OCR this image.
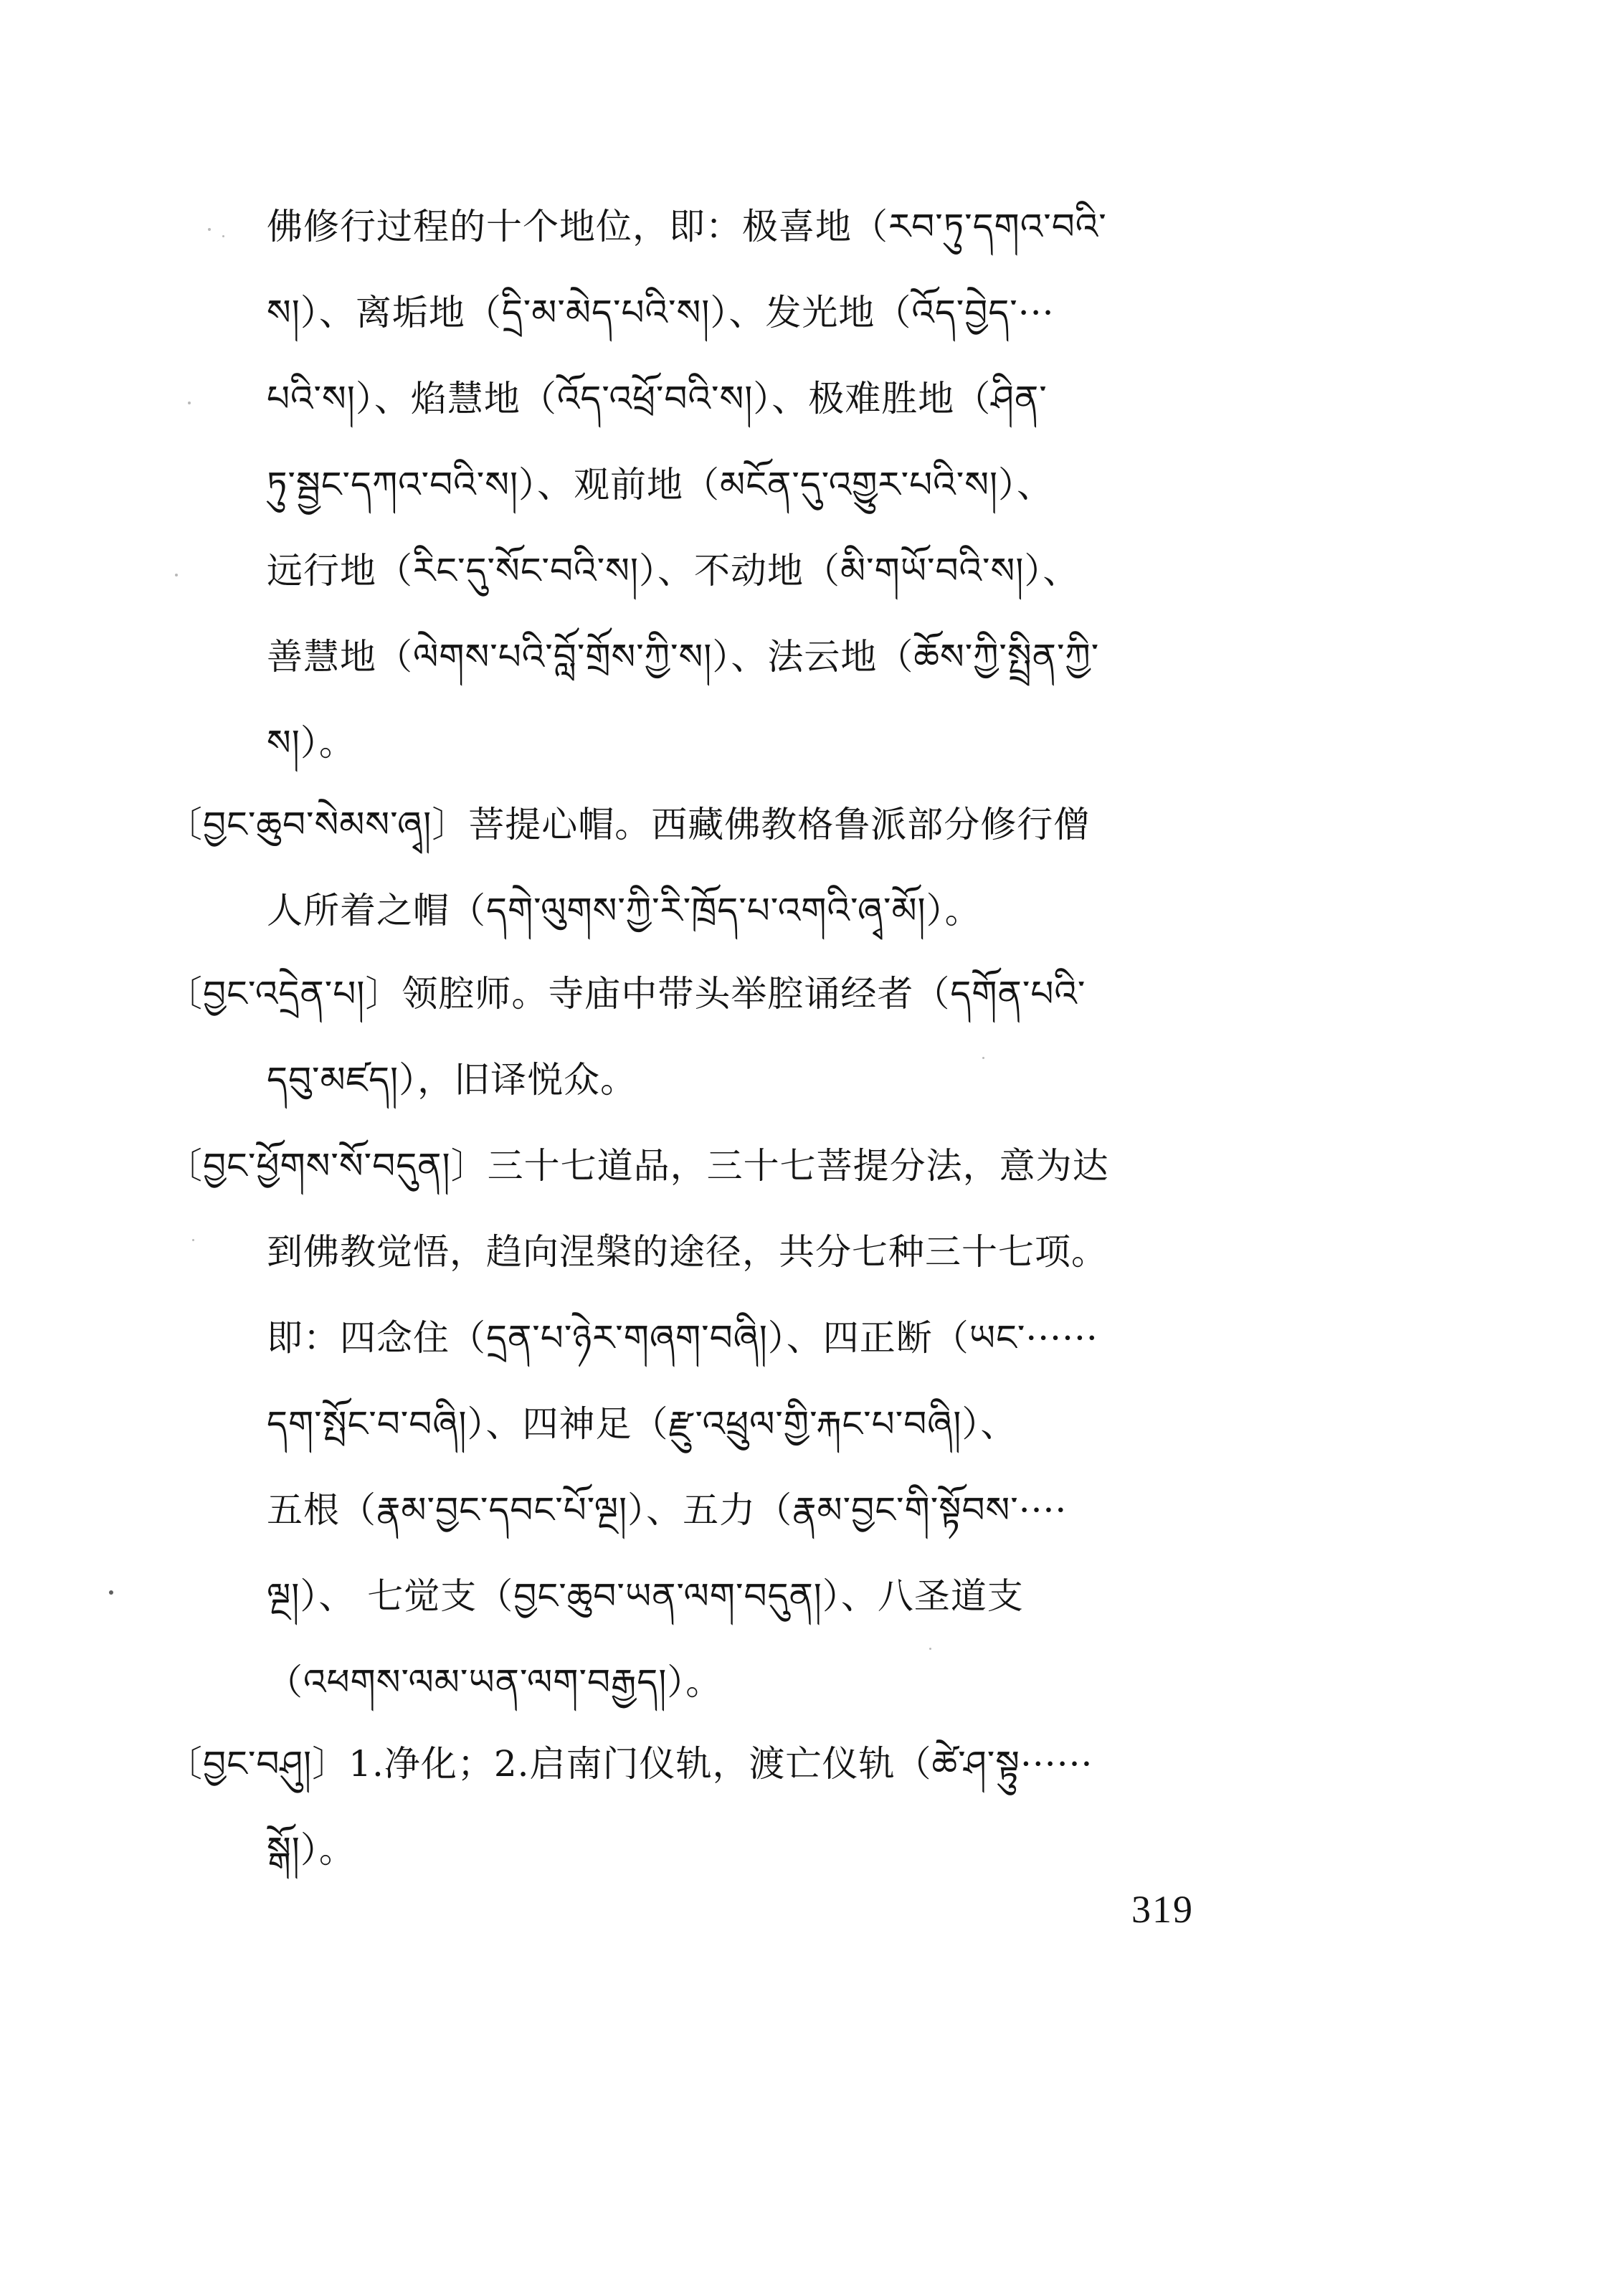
佛修行过程的十个地位，即：极喜地（རབ་ཏུ་དགའ་བའི་
ས།）、离垢地（དྲི་མ་མེད་པའི་ས།）、发光地（འོད་བྱེད་···
པའི་ས།）、焰慧地（འོད་འཕྲོ་བའི་ས།）、极难胜地（ཤིན་
ཏུ་སྦྱང་དཀའ་བའི་ས།）、观前地（མངོན་དུ་འགྱུར་པའི་ས།）、
远行地（རིང་དུ་སོང་བའི་ས།）、不动地（མི་གཡོ་བའི་ས།）、
善慧地（ལེགས་པའི་བློ་གྲོས་ཀྱི་ས།）、法云地（ཆོས་ཀྱི་སྤྲིན་ཀྱི་
ས།）。
〔བྱང་ཆུབ་སེམས་ཞྭ།〕菩提心帽。西藏佛教格鲁派部分修行僧
人所着之帽（དགེ་ལུགས་ཀྱི་རི་ཁྲོད་པ་འགའི་ཞྭ་མོ།）。
〔བྱང་འདྲེན་པ།〕领腔师。寺庙中带头举腔诵经者（དགོན་པའི་
དབུ་མཛད།），旧译悦众。
〔བྱང་ཕྱོགས་སོ་བདུན།〕三十七道品，三十七菩提分法，意为达
到佛教觉悟，趋向涅槃的途径，共分七种三十七项。
即：四念住（དྲན་པ་ཉེར་གཞག་བཞི།）、四正断（ཡང་······
དག་སྤོང་བ་བཞི།）、四神足（རྫུ་འཕྲུལ་གྱི་རྐང་པ་བཞི།）、
五根（རྣམ་བྱང་དབང་པོ་ལྔ།）、五力（རྣམ་བྱང་གི་སྟོབས་····
ལྔ།）、 七觉支（བྱང་ཆུབ་ཡན་ལག་བདུན།）、八圣道支
（འཕགས་ལམ་ཡན་ལག་བརྒྱད།）。
〔བྱང་བཤུ།〕1.净化；2.启南门仪轨，渡亡仪轨（ཚེ་ཤ་སྟུ······
སྒོ།）。
319
